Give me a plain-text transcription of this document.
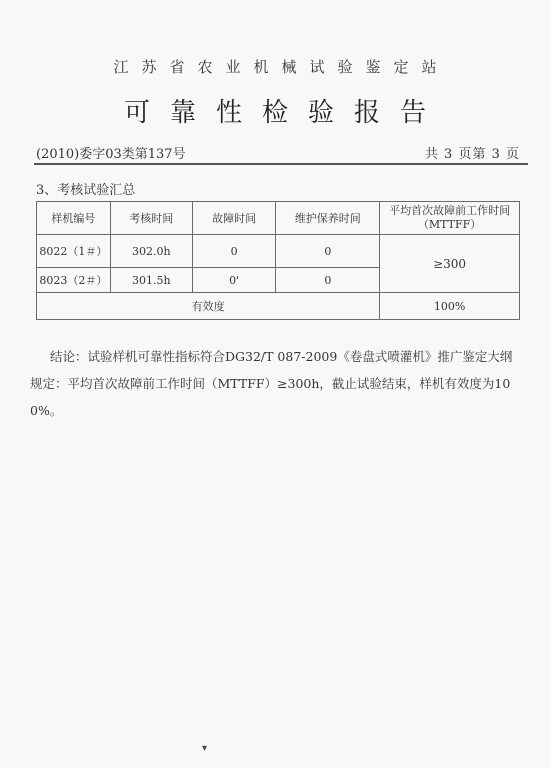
江苏省农业机械试验鉴定站
可靠性检验报告
(2010)委字03类第137号	共 3 页第 3 页
3、考核试验汇总
样机编号	考核时间	故障时间	维护保养时间	平均首次故障前工作时间（MTTFF）
8022（1＃）	302.0h	0	0	≥300
8023（2＃）	301.5h	0'	0	
有效度				100%
结论：试验样机可靠性指标符合DG32/T 087-2009《卷盘式喷灌机》推广鉴定大纲规定：平均首次故障前工作时间（MTTFF）≥300h，截止试验结束，样机有效度为100%。
▾
